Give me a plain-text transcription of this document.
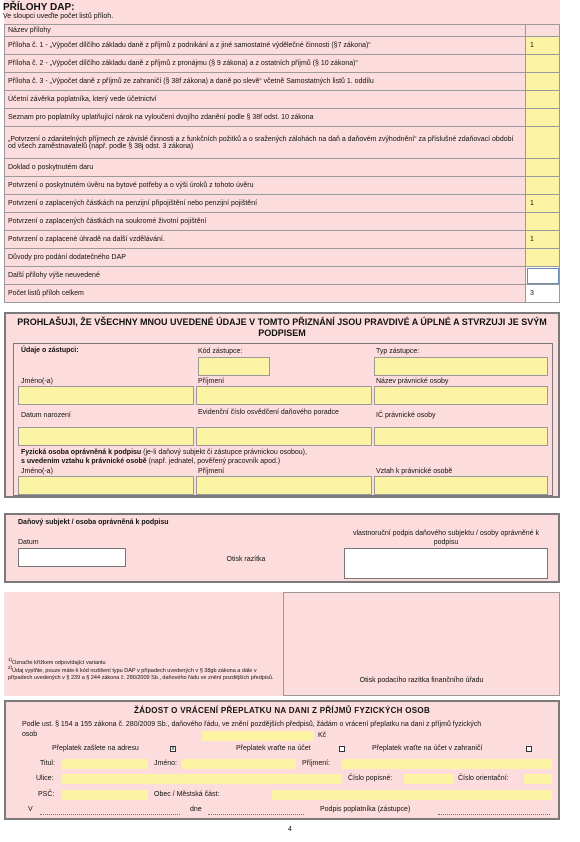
PŘÍLOHY DAP:
Ve sloupci uveďte počet listů příloh.
Název přílohy	
Příloha č. 1 - „Výpočet dílčího základu daně z příjmů z podnikání a z jiné samostatné výdělečné činnosti (§7 zákona)“	1
Příloha č. 2 - „Výpočet dílčího základu daně z příjmů z pronájmu (§ 9 zákona) a z ostatních příjmů (§ 10 zákona)“	
Příloha č. 3 - „Výpočet daně z příjmů ze zahraničí (§ 38f zákona) a daně po slevě“ včetně Samostatných listů 1. oddílu	
Účetní závěrka poplatníka, který vede účetnictví	
Seznam pro poplatníky uplatňující nárok na vyloučení dvojího zdanění podle § 38f odst. 10 zákona	
„Potvrzení o zdanitelných příjmech ze závislé činnosti a z funkčních požitků a o sražených zálohách na daň a daňovém zvýhodnění“ za příslušné zdaňovací období od všech zaměstnavatelů (např. podle § 38j odst. 3 zákona)	
Doklad o poskytnutém daru	
Potvrzení o poskytnutém úvěru na bytové potřeby a o výši úroků z tohoto úvěru	
Potvrzení o zaplacených částkách na penzijní připojištění nebo penzijní pojištění	1
Potvrzení o zaplacených částkách na soukromé životní pojištění	
Potvrzení o zaplacené úhradě na další vzdělávání.	1
Důvody pro podání dodatečného DAP	
Další přílohy výše neuvedené	
Počet listů příloh celkem	3
PROHLAŠUJI, ŽE VŠECHNY MNOU UVEDENÉ ÚDAJE V TOMTO PŘIZNÁNÍ JSOU PRAVDIVÉ A ÚPLNÉ A STVRZUJI JE SVÝM PODPISEM
Údaje o zástupci:	Kód zástupce:	Typ zástupce:
Jméno(-a)	Příjmení	Název právnické osoby
Datum narození	Evidenční číslo osvědčení daňového poradce	IČ právnické osoby
Fyzická osoba oprávněná k podpisu (je-li daňový subjekt či zástupce právnickou osobou),
s uvedením vztahu k právnické osobě (např. jednatel, pověřený pracovník apod.)
Jméno(-a)	Příjmení	Vztah k právnické osobě
Daňový subjekt / osoba oprávněná k podpisu
Datum
Otisk razítka
vlastnoruční podpis daňového subjektu / osoby oprávněné k podpisu
$^{1)}$Označte křížkem odpovídající variantu
$^{2)}$Údaj vyplňte, pouze máte-li kód rozlišení typu DAP v případech uvedených v § 38gb zákona a dále v případech uvedených v § 239 a § 244 zákona č. 280/2009 Sb., daňového řádu ve znění pozdějších předpisů.	Otisk podacího razítka finančního úřadu
ŽÁDOST O VRÁCENÍ PŘEPLATKU NA DANI Z PŘÍJMŮ FYZICKÝCH OSOB
Podle ust. § 154 a 155 zákona č. 280/2009 Sb., daňového řádu, ve znění pozdějších předpisů, žádám o vrácení přeplatku na dani z příjmů fyzických osob	Kč
Přeplatek zašlete na adresu	x	Přeplatek vraťte na účet	Přeplatek vraťte na účet v zahraničí
Titul:	Jméno:	Příjmení:
Ulice:	Číslo popisné:	Číslo orientační:
PSČ:	Obec / Městská část:
V	dne	Podpis poplatníka (zástupce)
4
